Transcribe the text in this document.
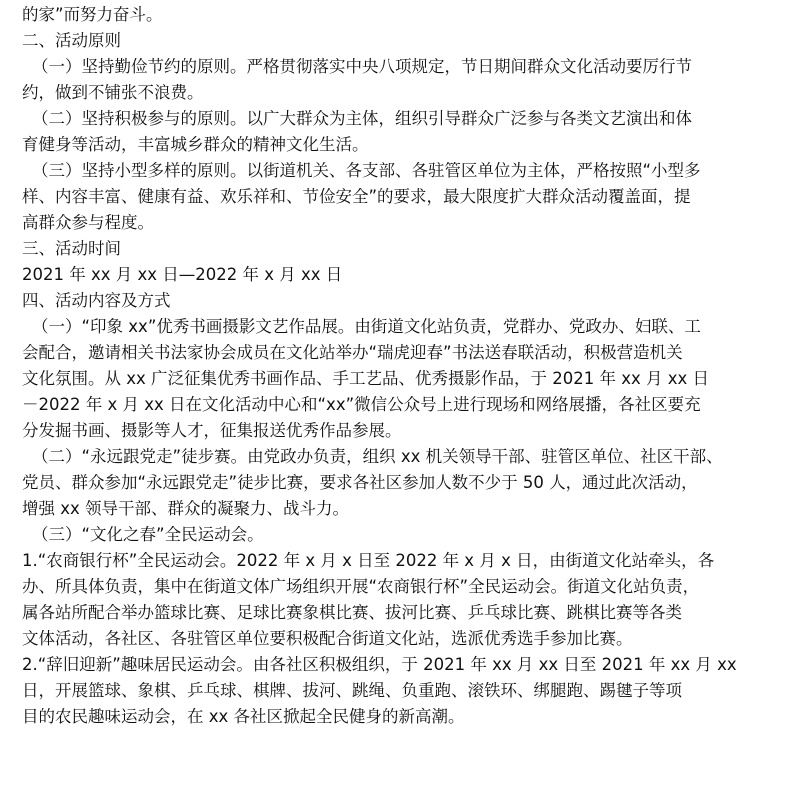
的家”而努力奋斗。
二、活动原则
（一）坚持勤俭节约的原则。严格贯彻落实中央八项规定，节日期间群众文化活动要厉行节
约，做到不铺张不浪费。
（二）坚持积极参与的原则。以广大群众为主体，组织引导群众广泛参与各类文艺演出和体
育健身等活动，丰富城乡群众的精神文化生活。
（三）坚持小型多样的原则。以街道机关、各支部、各驻管区单位为主体，严格按照“小型多
样、内容丰富、健康有益、欢乐祥和、节俭安全”的要求，最大限度扩大群众活动覆盖面，提
高群众参与程度。
三、活动时间
2021 年 xx 月 xx 日—2022 年 x 月 xx 日
四、活动内容及方式
（一）“印象 xx”优秀书画摄影文艺作品展。由街道文化站负责，党群办、党政办、妇联、工
会配合，邀请相关书法家协会成员在文化站举办“瑞虎迎春”书法送春联活动，积极营造机关
文化氛围。从 xx 广泛征集优秀书画作品、手工艺品、优秀摄影作品，于 2021 年 xx 月 xx 日
－2022 年 x 月 xx 日在文化活动中心和“xx”微信公众号上进行现场和网络展播，各社区要充
分发掘书画、摄影等人才，征集报送优秀作品参展。
（二）“永远跟党走”徒步赛。由党政办负责，组织 xx 机关领导干部、驻管区单位、社区干部、
党员、群众参加“永远跟党走”徒步比赛，要求各社区参加人数不少于 50 人，通过此次活动，
增强 xx 领导干部、群众的凝聚力、战斗力。
（三）“文化之春”全民运动会。
1.“农商银行杯”全民运动会。2022 年 x 月 x 日至 2022 年 x 月 x 日，由街道文化站牵头，各
办、所具体负责，集中在街道文体广场组织开展“农商银行杯”全民运动会。街道文化站负责，
属各站所配合举办篮球比赛、足球比赛象棋比赛、拔河比赛、乒乓球比赛、跳棋比赛等各类
文体活动，各社区、各驻管区单位要积极配合街道文化站，选派优秀选手参加比赛。
2.“辞旧迎新”趣味居民运动会。由各社区积极组织，于 2021 年 xx 月 xx 日至 2021 年 xx 月 xx
日，开展篮球、象棋、乒乓球、棋牌、拔河、跳绳、负重跑、滚铁环、绑腿跑、踢毽子等项
目的农民趣味运动会，在 xx 各社区掀起全民健身的新高潮。
